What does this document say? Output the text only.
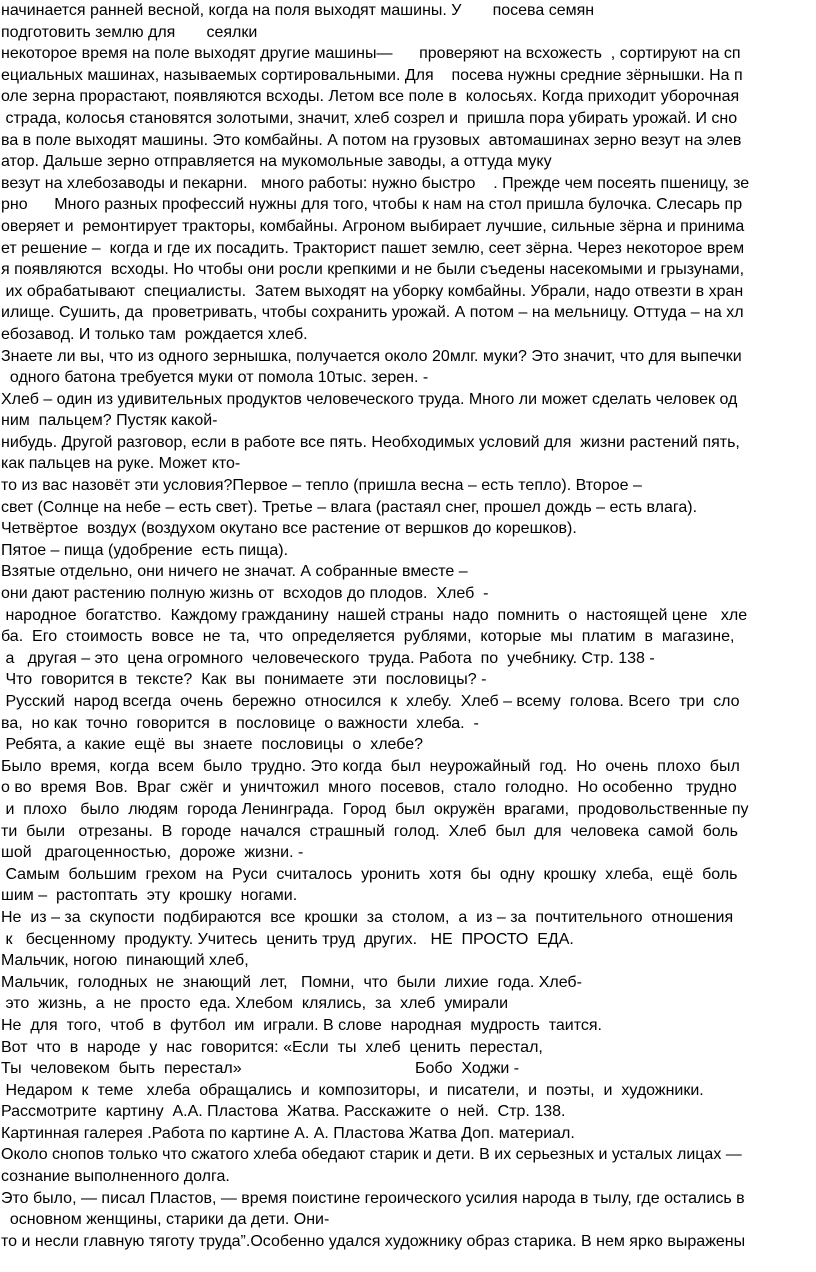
начинается ранней весной, когда на поля выходят машины. У       посева семян
подготовить землю для       сеялки
некоторое время на поле выходят другие машины—      проверяют на всхожесть  , сортируют на сп
ециальных машинах, называемых сортировальными. Для    посева нужны средние зёрнышки. На п
оле зерна прорастают, появляются всходы. Летом все поле в  колосьях. Когда приходит уборочная
страда, колосья становятся золотыми, значит, хлеб созрел и  пришла пора убирать урожай. И сно
ва в поле выходят машины. Это комбайны. А потом на грузовых  автомашинах зерно везут на элев
атор. Дальше зерно отправляется на мукомольные заводы, а оттуда муку
везут на хлебозаводы и пекарни.   много работы: нужно быстро    . Прежде чем посеять пшеницу, зе
рно      Много разных профессий нужны для того, чтобы к нам на стол пришла булочка. Слесарь пр
оверяет и  ремонтирует тракторы, комбайны. Агроном выбирает лучшие, сильные зёрна и принима
ет решение –  когда и где их посадить. Тракторист пашет землю, сеет зёрна. Через некоторое врем
я появляются  всходы. Но чтобы они росли крепкими и не были съедены насекомыми и грызунами,
их обрабатывают  специалисты.  Затем выходят на уборку комбайны. Убрали, надо отвезти в хран
илище. Сушить, да  проветривать, чтобы сохранить урожай. А потом – на мельницу. Оттуда – на хл
ебозавод. И только там  рождается хлеб.
Знаете ли вы, что из одного зернышка, получается около 20млг. муки? Это значит, что для выпечки
одного батона требуется муки от помола 10тыс. зерен. -
Хлеб – один из удивительных продуктов человеческого труда. Много ли может сделать человек од
ним  пальцем? Пустяк какой-
нибудь. Другой разговор, если в работе все пять. Необходимых условий для  жизни растений пять,
как пальцев на руке. Может кто-
то из вас назовёт эти условия?Первое – тепло (пришла весна – есть тепло). Второе –
свет (Солнце на небе – есть свет). Третье – влага (растаял снег, прошел дождь – есть влага).
Четвёртое  воздух (воздухом окутано все растение от вершков до корешков).
Пятое – пища (удобрение  есть пища).
Взятые отдельно, они ничего не значат. А собранные вместе –
они дают растению полную жизнь от  всходов до плодов.  Хлеб  -
народное  богатство.  Каждому гражданину  нашей страны  надо  помнить  о  настоящей цене   хле
ба.  Его  стоимость  вовсе  не  та,  что  определяется  рублями,  которые  мы  платим  в  магазине,
а   другая – это  цена огромного  человеческого  труда. Работа  по  учебнику. Стр. 138 -
Что  говорится в  тексте?  Как  вы  понимаете  эти  пословицы? -
Русский  народ всегда  очень  бережно  относился  к  хлебу.  Хлеб – всему  голова. Всего  три  сло
ва,  но как  точно  говорится  в  пословице  о важности  хлеба.  -
Ребята, а  какие  ещё  вы  знаете  пословицы  о  хлебе?
Было  время,  когда  всем  было  трудно. Это когда  был  неурожайный  год.  Но  очень  плохо  был
о во  время  Вов.  Враг  сжёг  и  уничтожил  много  посевов,  стало  голодно.  Но особенно   трудно
и  плохо   было  людям  города Ленинграда.  Город  был  окружён  врагами,  продовольственные пу
ти  были   отрезаны.  В  городе  начался  страшный  голод.  Хлеб  был  для  человека  самой  боль
шой   драгоценностью,  дороже  жизни. -
Самым  большим  грехом  на  Руси  считалось  уронить  хотя  бы  одну  крошку  хлеба,  ещё  боль
шим –  растоптать  эту  крошку  ногами.
Не  из – за  скупости  подбираются  все  крошки  за  столом,  а  из – за  почтительного  отношения
к   бесценному  продукту. Учитесь  ценить труд  других.   НЕ  ПРОСТО  ЕДА.
Мальчик, ногою  пинающий хлеб,
Мальчик,  голодных  не  знающий  лет,   Помни,  что  были  лихие  года. Хлеб-
это  жизнь,  а  не  просто  еда. Хлебом  клялись,  за  хлеб  умирали
Не  для  того,  чтоб  в  футбол  им  играли. В слове  народная  мудрость  таится.
Вот  что  в  народе  у  нас  говорится: «Если  ты  хлеб  ценить  перестал,
Ты  человеком  быть  перестал»                                       Бобо  Ходжи -
Недаром  к  теме   хлеба  обращались  и  композиторы,  и  писатели,  и  поэты,  и  художники.
Рассмотрите  картину  А.А. Пластова  Жатва. Расскажите  о  ней.  Стр. 138.
Картинная галерея .Работа по картине А. А. Пластова Жатва Доп. материал.
Около снопов только что сжатого хлеба обедают старик и дети. В их серьезных и усталых лицах —
сознание выполненного долга.
Это было, — писал Пластов, — время поистине героического усилия народа в тылу, где остались в
основном женщины, старики да дети. Они-
то и несли главную тяготу труда”.Особенно удался художнику образ старика. В нем ярко выражены
